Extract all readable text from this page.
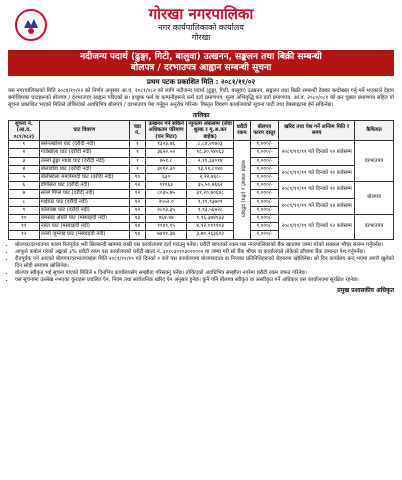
गोरखा नगरपालिका
नगर कार्यपालिकाको कार्यालय
गोरखा
नदीजन्य पदार्थ (ढुङ्गा, गिटी, बालुवा) उत्खनन, सङ्कलन तथा बिक्री सम्बन्धी
बोलपत्र / दरभाउपत्र आह्वान सम्बन्धी सूचना
प्रथम पटक प्रकाशित मिति : २०८१/११/०२
यस नगरपालिकाको मिति २०८१/१०/२२ को निर्णय अनुसार आ.व. २०८१/०८२ को लागि नदीजन्य पदार्थ (ढुङ्गा, गिटी, बालुवा) उत्खनन, सङ्कलन तथा बिक्री सम्बन्धी ठेक्का बन्दोबस्त गर्नु पर्ने भएकाले देहाय बमोजिमका घाटहरूको बोलपत्र / दरभाउपत्र आह्वान गरिएको छ। इच्छुक फर्म वा कम्पनीहरूले फर्म दर्ता प्रमाणपत्र, मूल्य अभिवृद्धि कर दर्ता प्रमाणपत्र, आ.व. २०८०/०८१ को कर चुक्ता प्रमाणपत्र सहित यो सूचना प्रकाशित भएको मितिले तोकिएको अवधिभित्र बोलपत्र / दरभाउपत्र पेश गर्नुहुन अनुरोध गरिन्छ। विस्तृत विवरण कार्यालयको सूचना पाटी तथा वेबसाइटमा हेर्न सकिनेछ।
तालिका
सूचना नं. (आ.व. ०८१/०८२)	घाट विवरण	वडा नं.	उत्खनन गर्न सकिने अधिकतम परिमाण (घन मिटर)	न्यूनतम अंकसम्म (लेवा शुल्क र मू.अ.कर बाहेक)	धरौटी रकम	बोलपत्र फारम दस्तुर	खरिद तथा पेश गर्ने अन्तिम मिति र समय	कैफियत
१	बसेनत्खोला घाट (दरौदी नदी)	१	१३०३.७६	८,८४,२१७०३	कवोल अंकको ३ (तीन) प्रतिशत	१,०००/-	२०८१/११/१९ गते दिनको १२ बजेसम्म	दरभाउपत्र
२	गाउँखोला घाट (दरौदी नदी)	१	३६२२.५२	१८,३०,५४०६३		१,०००/-		
३	तल्लो ढुङ्गा ग्वाडा घाट (दरौदी नदी)	१	७५१.८	२,११,३३०१४		१,०००/-		
४	बोलाडाँडा घाट (दरौदी नदी)	१	३०१२.३०	९३,११,८०४०		१,०००/-	२०८१/११/१९ गते दिनको १२ बजेसम्म	
५	बोलीसोला ममात्रेमादी घाट (दरौदी नदी)	१०	६३०	२,२२,४६८-		१,०००/-		
६	डाँगीसेरा घाट (दरौदी नदी)	१२	९११६३	३५,५०,७६६२		१,०००/-	२०८१/११/१९ गते दिनको १२ बजेसम्म	बोलपत्र
७	सल्ले पिप्ले घाट (दरौदी नदी)	१२	८०३५.७५	३१,२०,७०६४८		१,०००/-		
८	गाईघाट घाट (दरौदी नदी)	१२	२५५२.०	९,११,९३७०९		१,०००/-	२०८१/११/१९ गते दिनको १२ बजेसम्म	
९	कोलाखा घाट (दरौदी नदी)	१२	२८०३.३५	९,९३,५६७२८		१,०००/-		
१०	रामसाह अँधेरी घाट (मस्याङ्दी नदी)	१३	४६४.४४	१,९६,३७४१३३		१,०००/-	२०८१/११/१९ गते दिनको १२ बजेसम्म	दरभाउपत्र
११	नारेत घाट (मस्याङ्दी नदी)	१४	११४९.१५	४,९२,०११९०३		१,०००/-		
१२	तल्लो जुम्लाइ घाट (मस्याङ्दी नदी)	१४	७४९१.३७	३,७०,२६३६९२		१,०००/-		
• बोलपत्र/दरभाउपत्र फारम रितपूर्वक भरी सिलबन्दी खाममा राखी यस कार्यालयमा दर्ता गराउनु पर्नेछ। धरौटी बापतको रकम यस नगरपालिकाको बैंक खातामा जम्मा गरेको सक्कल भौचर संलग्न गर्नुपर्नेछ।
• आफूले कबोल गरेको अङ्कको ३% धरौटी रकम यस कार्यालयको धरौटी खाता नं. ३०१०३०१०३०००००० मा जम्मा गरी सो बैंक भौचर वा कार्यालयले तोकेको ढाँचामा बैंक जमानत पेश गर्नुपर्नेछ।
• रीतपूर्वक पर्न आएको बोलपत्र/दरभाउपत्रहरू मिति २०८१/११/१९ गते दिनको २ बजे यस कार्यालयमा बोलपत्रदाता वा निजका प्रतिनिधिहरूको रोहबरमा खोलिनेछ। सो दिन कार्यालय बन्द भएमा लगत्तै खुलेको दिन सोही समयमा खोलिनेछ।
• बोलपत्र स्वीकृत भई सूचना पाएको मितिले ७ दिनभित्र कार्यालयसँग सम्झौता गरिसक्नु पर्नेछ। तोकिएको अवधिभित्र सम्झौता नगरेमा धरौटी रकम जफत गरिनेछ।
• यस सूचनामा उल्लेख नभएका कुराहरू प्रचलित ऐन, नियम तथा सार्वजनिक खरिद ऐन अनुसार हुनेछ। कुनै पनि बोलपत्र स्वीकृत वा अस्वीकृत गर्ने अधिकार यस कार्यालयमा सुरक्षित रहनेछ।
प्रमुख प्रशासकीय अधिकृत
